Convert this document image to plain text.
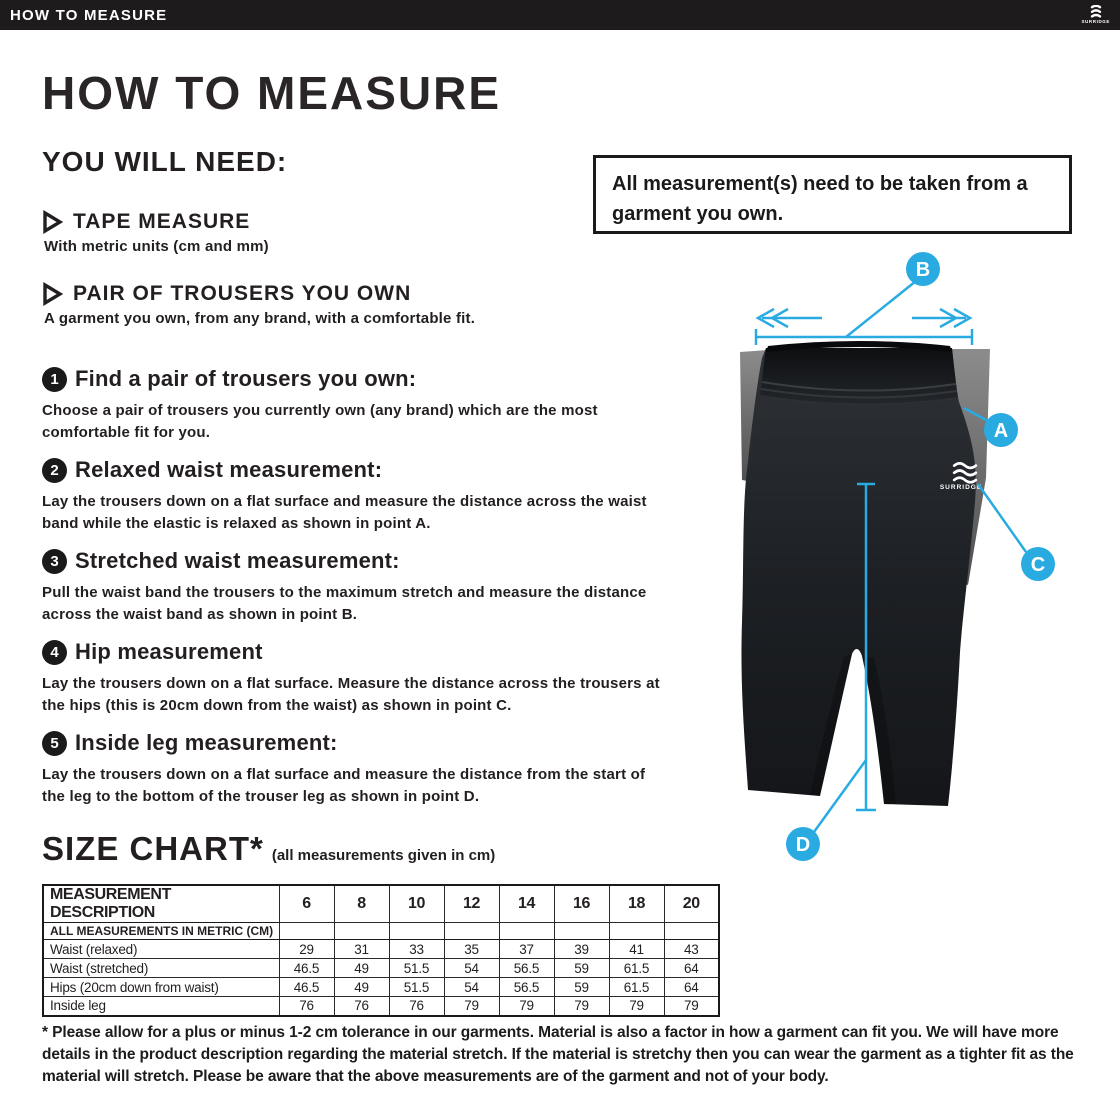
HOW TO MEASURE	SURRIDGE
HOW TO MEASURE
All measurement(s) need to be taken from a garment you own.
YOU WILL NEED:
TAPE MEASURE
With metric units (cm and mm)
PAIR OF TROUSERS YOU OWN
A garment you own, from any brand, with a comfortable fit.
1 Find a pair of trousers you own:
Choose a pair of trousers you currently own (any brand) which are the most comfortable fit for you.
2 Relaxed waist measurement:
Lay the trousers down on a flat surface and measure the distance across the waist band while the elastic is relaxed as shown in point A.
3 Stretched waist measurement:
Pull the waist band the trousers to the maximum stretch and measure the distance across the waist band as shown in point B.
4 Hip measurement
Lay the trousers down on a flat surface. Measure the distance across the trousers at the hips (this is 20cm down from the waist) as shown in point C.
5 Inside leg measurement:
Lay the trousers down on a flat surface and measure the distance from the start of the leg to the bottom of the trouser leg as shown in point D.
SURRIDGE
B
A
C
D
SIZE CHART* (all measurements given in cm)
MEASUREMENT DESCRIPTION	6	8	10	12	14	16	18	20
ALL MEASUREMENTS IN METRIC (CM)								
Waist (relaxed)	29	31	33	35	37	39	41	43
Waist (stretched)	46.5	49	51.5	54	56.5	59	61.5	64
Hips (20cm down from waist)	46.5	49	51.5	54	56.5	59	61.5	64
Inside leg	76	76	76	79	79	79	79	79
* Please allow for a plus or minus 1-2 cm tolerance in our garments. Material is also a factor in how a garment can fit you. We will have more details in the product description regarding the material stretch. If the material is stretchy then you can wear the garment as a tighter fit as the material will stretch. Please be aware that the above measurements are of the garment and not of your body.
